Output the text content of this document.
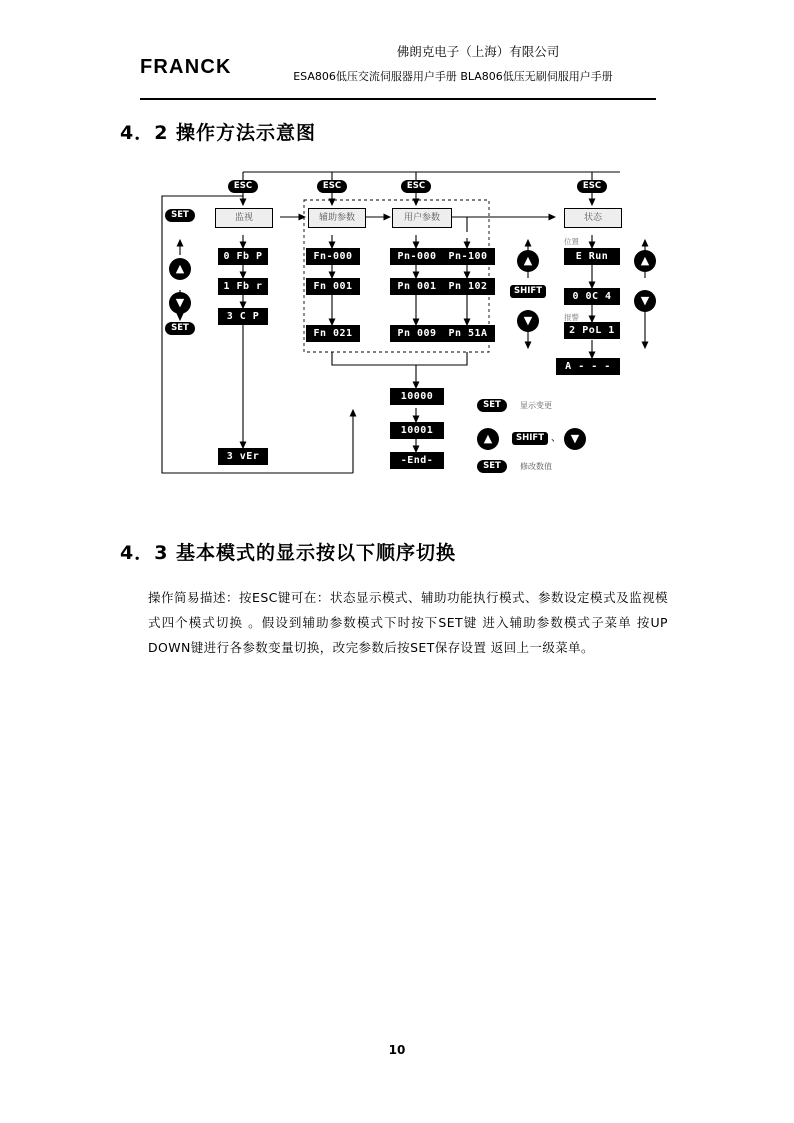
FRANCK
佛朗克电子（上海）有限公司
ESA806低压交流伺服器用户手册 BLA806低压无刷伺服用户手册
4．2 操作方法示意图
ESC	ESC	ESC	ESC
监视	辅助参数	用户参数	状态
SET
▲
▼
SET
0 Fb P
1 Fb r
3 C P
3 vEr
Fn-000
Fn 001
Fn 021
Pn-000
Pn 001
Pn 009
Pn-100
Pn 102
Pn 51A
10000
10001
-End-
位置
E Run
0 0C 4
报警
2 PoL 1
A - - -
▲
SHIFT
▼
▲
▼
SET	显示变更
▲	SHIFT 、 ▼
SET	修改数值
4．3 基本模式的显示按以下顺序切换
操作简易描述：按ESC键可在：状态显示模式、辅助功能执行模式、参数设定模式及监视模式四个模式切换 。假设到辅助参数模式下时按下SET键 进入辅助参数模式子菜单 按UP DOWN键进行各参数变量切换，改完参数后按SET保存设置 返回上一级菜单。
10
